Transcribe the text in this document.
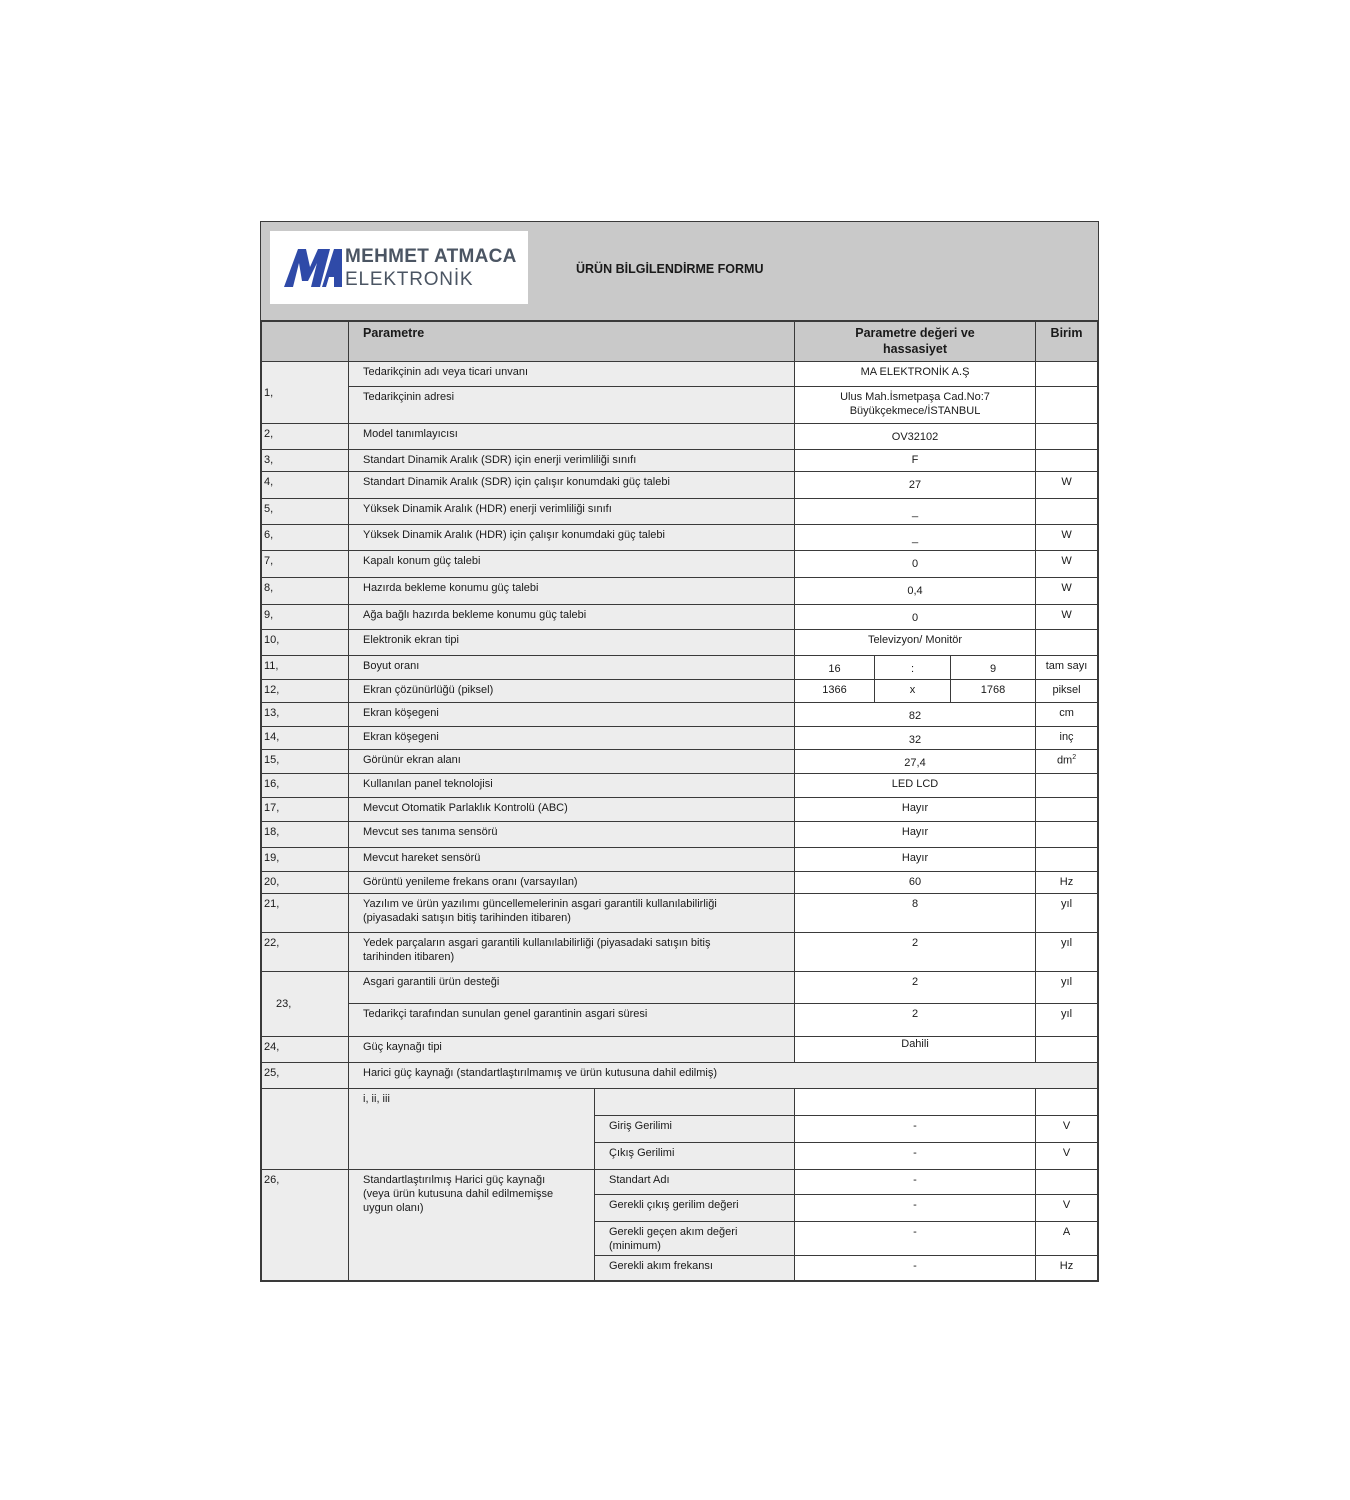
MEHMET ATMACA
ELEKTRONİK	ÜRÜN BİLGİLENDİRME FORMU
	Parametre		Parametre değeri ve
hassasiyet			Birim
1,	Tedarikçinin adı veya ticari unvanı		MA ELEKTRONİK A.Ş			
	Tedarikçinin adresi		Ulus Mah.İsmetpaşa Cad.No:7
Büyükçekmece/İSTANBUL			

2,	Model tanımlayıcısı		OV32102			
3,	Standart Dinamik Aralık (SDR) için enerji verimliliği sınıfı		F			
4,	Standart Dinamik Aralık (SDR) için çalışır konumdaki güç talebi		27			W
5,	Yüksek Dinamik Aralık (HDR) enerji verimliliği sınıfı		_			
6,	Yüksek Dinamik Aralık (HDR) için çalışır konumdaki güç talebi		_			W
7,	Kapalı konum güç talebi		0			W
8,	Hazırda bekleme konumu güç talebi		0,4			W
9,	Ağa bağlı hazırda bekleme konumu güç talebi		0			W
10,	Elektronik ekran tipi		Televizyon/ Monitör			
11,	Boyut oranı		16	:	9	tam sayı
12,	Ekran çözünürlüğü (piksel)		1366	x	1768	piksel
13,	Ekran köşegeni		82			cm
14,	Ekran köşegeni		32			inç
15,	Görünür ekran alanı		27,4			$dm^2$
16,	Kullanılan panel teknolojisi		LED LCD			
17,	Mevcut Otomatik Parlaklık Kontrolü (ABC)		Hayır			
18,	Mevcut ses tanıma sensörü		Hayır			
19,	Mevcut hareket sensörü		Hayır			
20,	Görüntü yenileme frekans oranı (varsayılan)		60			Hz
21,	Yazılım ve ürün yazılımı güncellemelerinin asgari garantili kullanılabilirliği
(piyasadaki satışın bitiş tarihinden itibaren)		8			yıl
22,	Yedek parçaların asgari garantili kullanılabilirliği (piyasadaki satışın bitiş
tarihinden itibaren)		2			yıl
23,	Asgari garantili ürün desteği		2			yıl
	Tedarikçi tarafından sunulan genel garantinin asgari süresi		2			yıl
24,	Güç kaynağı tipi		Dahili			
25,	Harici güç kaynağı (standartlaştırılmamış ve ürün kutusuna dahil edilmiş)					
	i, ii, iii					
		Giriş Gerilimi	-			V
		Çıkış Gerilimi	-			V
26,	Standartlaştırılmış Harici güç kaynağı
(veya ürün kutusuna dahil edilmemişse
uygun olanı)	Standart Adı	-			
		Gerekli çıkış gerilim değeri	-			V

		Gerekli geçen akım değeri
(minimum)	-			A
		Gerekli akım frekansı	-			Hz
